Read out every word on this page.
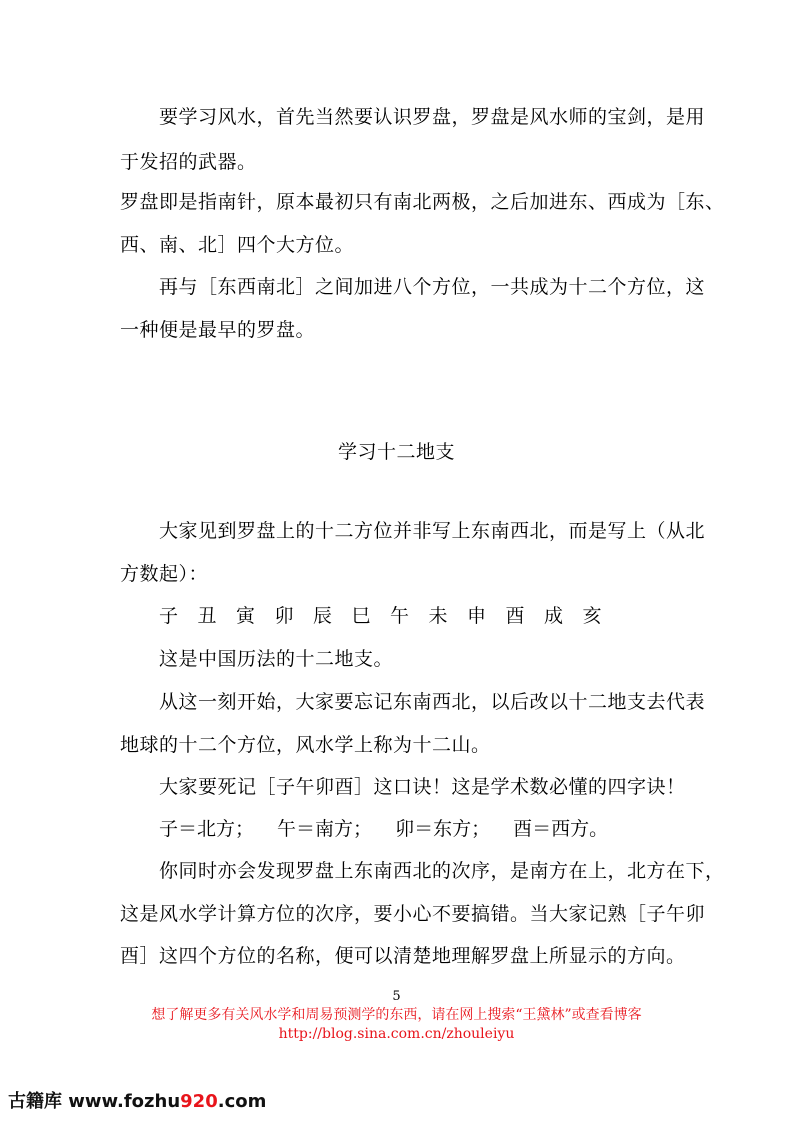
要学习风水，首先当然要认识罗盘，罗盘是风水师的宝剑，是用

于发招的武器。

罗盘即是指南针，原本最初只有南北两极，之后加进东、西成为［东、

西、南、北］四个大方位。

再与［东西南北］之间加进八个方位，一共成为十二个方位，这

一种便是最早的罗盘。

学习十二地支

大家见到罗盘上的十二方位并非写上东南西北，而是写上（从北

方数起）：

子	丑	寅	卯	辰	巳	午	未	申	酉	成	亥

这是中国历法的十二地支。

从这一刻开始，大家要忘记东南西北，以后改以十二地支去代表

地球的十二个方位，风水学上称为十二山。

大家要死记［子午卯酉］这口诀！这是学术数必懂的四字诀！

子＝北方； 午＝南方； 卯＝东方； 酉＝西方。

你同时亦会发现罗盘上东南西北的次序，是南方在上，北方在下，

这是风水学计算方位的次序，要小心不要搞错。当大家记熟［子午卯

酉］这四个方位的名称，便可以清楚地理解罗盘上所显示的方向。

5
想了解更多有关风水学和周易预测学的东西，请在网上搜索“王黛林”或查看博客
http://blog.sina.com.cn/zhouleiyu
古籍库 www.fozhu920.com
